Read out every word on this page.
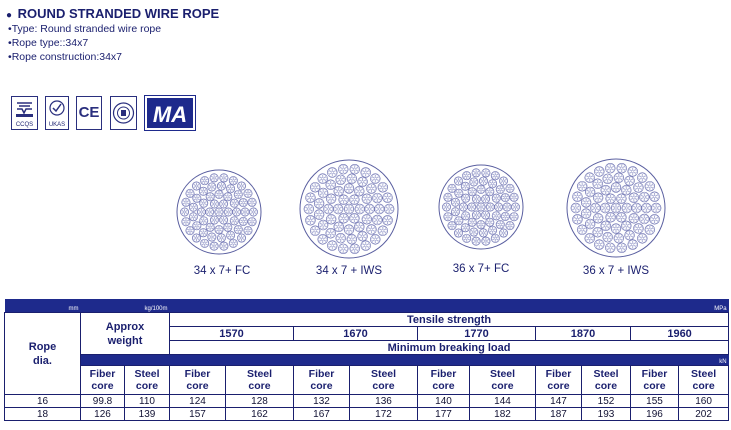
● ROUND STRANDED WIRE ROPE
•Type: Round stranded wire rope
•Rope type::34x7
•Rope construction:34x7
CCQS	UKAS
CE	MA
34 x 7+ FC	34 x 7 + IWS	36 x 7+ FC	36 x 7 + IWS
mm	kg/100m		MPa									
Rope dia.	Approx weight		Tensile strength									
			1570		1670		1770		1870		1960	
			Minimum breaking load									
			kN									
	Fiber core	Steel core	Fiber core	Steel core	Fiber core	Steel core	Fiber core	Steel core	Fiber core	Steel core	Fiber core	Steel core
16	99.8	110	124	128	132	136	140	144	147	152	155	160
18	126	139	157	162	167	172	177	182	187	193	196	202
